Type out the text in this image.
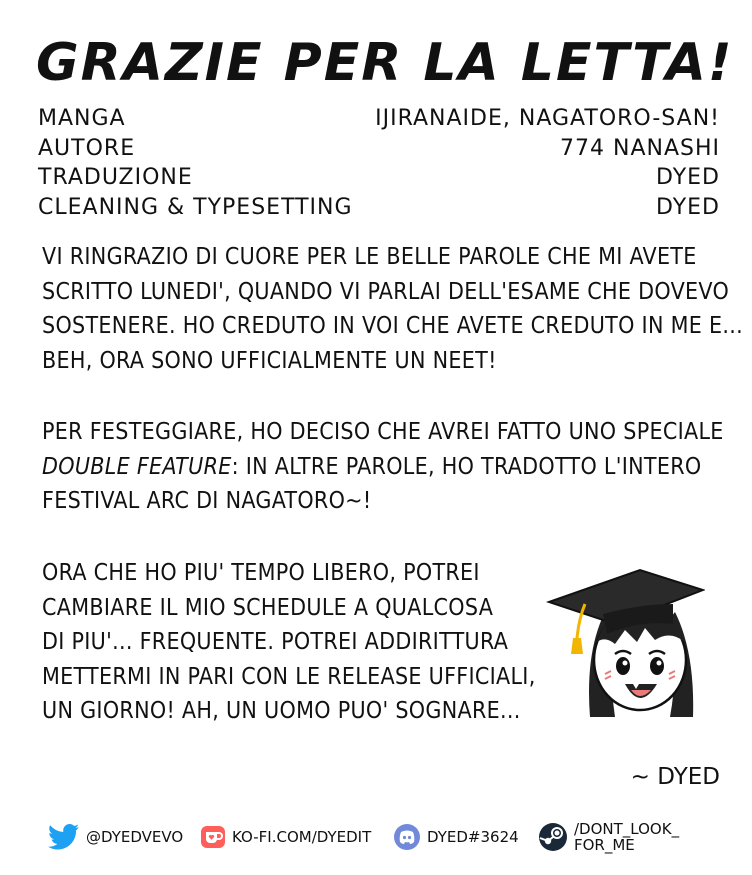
GRAZIE PER LA LETTA!
MANGA	IJIRANAIDE, NAGATORO-SAN!
AUTORE	774 NANASHI
TRADUZIONE	DYED
CLEANING & TYPESETTING	DYED
VI RINGRAZIO DI CUORE PER LE BELLE PAROLE CHE MI AVETE
SCRITTO LUNEDI', QUANDO VI PARLAI DELL'ESAME CHE DOVEVO
SOSTENERE. HO CREDUTO IN VOI CHE AVETE CREDUTO IN ME E...
BEH, ORA SONO UFFICIALMENTE UN NEET!
PER FESTEGGIARE, HO DECISO CHE AVREI FATTO UNO SPECIALE
DOUBLE FEATURE: IN ALTRE PAROLE, HO TRADOTTO L'INTERO
FESTIVAL ARC DI NAGATORO~!
ORA CHE HO PIU' TEMPO LIBERO, POTREI
CAMBIARE IL MIO SCHEDULE A QUALCOSA
DI PIU'... FREQUENTE. POTREI ADDIRITTURA
METTERMI IN PARI CON LE RELEASE UFFICIALI,
UN GIORNO! AH, UN UOMO PUO' SOGNARE...
~ DYED
@DYEDVEVO	KO-FI.COM/DYEDIT	DYED#3624	/DONT_LOOK_
FOR_ME
